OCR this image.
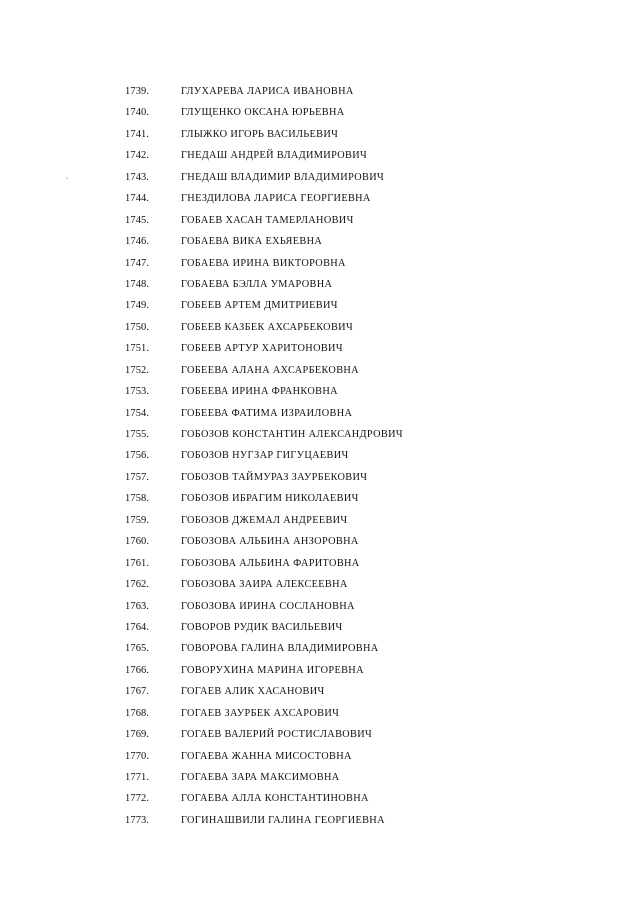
1739.	ГЛУХАРЕВА ЛАРИСА ИВАНОВНА
1740.	ГЛУЩЕНКО ОКСАНА ЮРЬЕВНА
1741.	ГЛЫЖКО ИГОРЬ ВАСИЛЬЕВИЧ
1742.	ГНЕДАШ АНДРЕЙ ВЛАДИМИРОВИЧ
1743.	ГНЕДАШ ВЛАДИМИР ВЛАДИМИРОВИЧ
1744.	ГНЕЗДИЛОВА ЛАРИСА ГЕОРГИЕВНА
1745.	ГОБАЕВ ХАСАН ТАМЕРЛАНОВИЧ
1746.	ГОБАЕВА ВИКА ЕХЬЯЕВНА
1747.	ГОБАЕВА ИРИНА ВИКТОРОВНА
1748.	ГОБАЕВА БЭЛЛА УМАРОВНА
1749.	ГОБЕЕВ АРТЕМ ДМИТРИЕВИЧ
1750.	ГОБЕЕВ КАЗБЕК АХСАРБЕКОВИЧ
1751.	ГОБЕЕВ АРТУР ХАРИТОНОВИЧ
1752.	ГОБЕЕВА АЛАНА АХСАРБЕКОВНА
1753.	ГОБЕЕВА ИРИНА ФРАНКОВНА
1754.	ГОБЕЕВА ФАТИМА ИЗРАИЛОВНА
1755.	ГОБОЗОВ КОНСТАНТИН АЛЕКСАНДРОВИЧ
1756.	ГОБОЗОВ НУГЗАР ГИГУЦАЕВИЧ
1757.	ГОБОЗОВ ТАЙМУРАЗ ЗАУРБЕКОВИЧ
1758.	ГОБОЗОВ ИБРАГИМ НИКОЛАЕВИЧ
1759.	ГОБОЗОВ ДЖЕМАЛ АНДРЕЕВИЧ
1760.	ГОБОЗОВА АЛЬБИНА АНЗОРОВНА
1761.	ГОБОЗОВА АЛЬБИНА ФАРИТОВНА
1762.	ГОБОЗОВА ЗАИРА АЛЕКСЕЕВНА
1763.	ГОБОЗОВА ИРИНА СОСЛАНОВНА
1764.	ГОВОРОВ РУДИК ВАСИЛЬЕВИЧ
1765.	ГОВОРОВА ГАЛИНА ВЛАДИМИРОВНА
1766.	ГОВОРУХИНА МАРИНА ИГОРЕВНА
1767.	ГОГАЕВ АЛИК ХАСАНОВИЧ
1768.	ГОГАЕВ ЗАУРБЕК АХСАРОВИЧ
1769.	ГОГАЕВ ВАЛЕРИЙ РОСТИСЛАВОВИЧ
1770.	ГОГАЕВА ЖАННА МИСОСТОВНА
1771.	ГОГАЕВА ЗАРА МАКСИМОВНА
1772.	ГОГАЕВА АЛЛА КОНСТАНТИНОВНА
1773.	ГОГИНАШВИЛИ ГАЛИНА ГЕОРГИЕВНА
